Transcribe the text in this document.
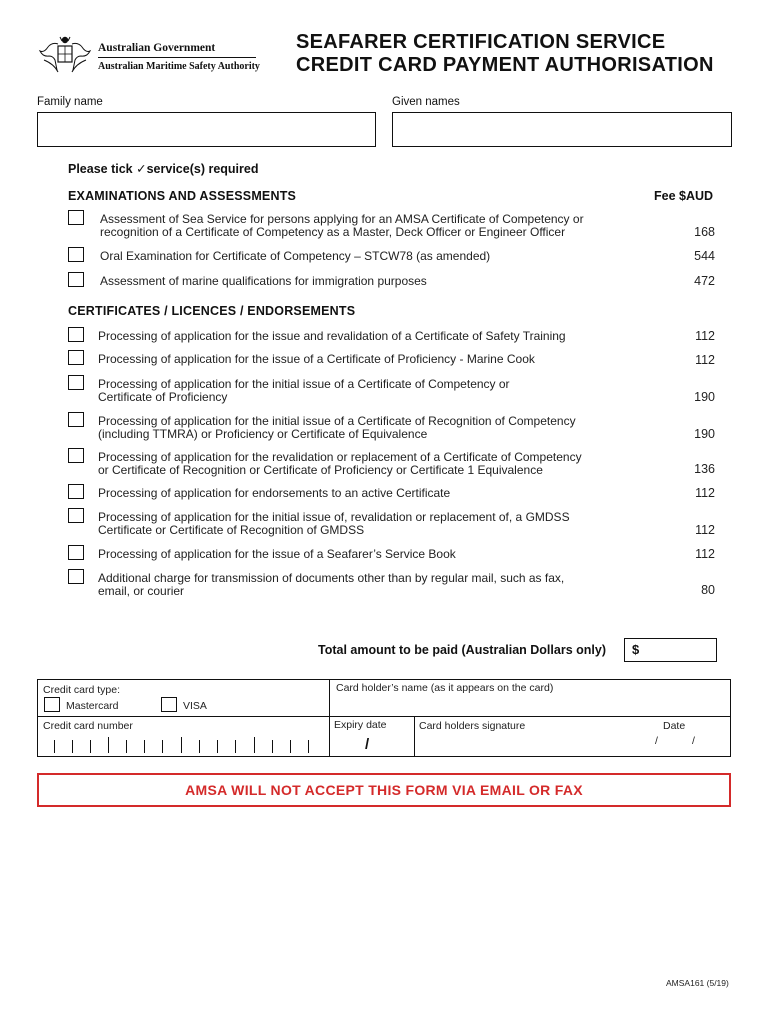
Australian Government
Australian Maritime Safety Authority
SEAFARER CERTIFICATION SERVICE
CREDIT CARD PAYMENT AUTHORISATION
Family name	Given names
Please tick ✓service(s) required
EXAMINATIONS AND ASSESSMENTS	Fee $AUD
Assessment of Sea Service for persons applying for an AMSA Certificate of Competency or
recognition of a Certificate of Competency as a Master, Deck Officer or Engineer Officer	168
Oral Examination for Certificate of Competency – STCW78 (as amended)	544
Assessment of marine qualifications for immigration purposes	472
CERTIFICATES / LICENCES / ENDORSEMENTS
Processing of application for the issue and revalidation of a Certificate of Safety Training	112
Processing of application for the issue of a Certificate of Proficiency - Marine Cook	112
Processing of application for the initial issue of a Certificate of Competency or
Certificate of Proficiency	190
Processing of application for the initial issue of a Certificate of Recognition of Competency
(including TTMRA) or Proficiency or Certificate of Equivalence	190
Processing of application for the revalidation or replacement of a Certificate of Competency
or Certificate of Recognition or Certificate of Proficiency or Certificate 1 Equivalence	136
Processing of application for endorsements to an active Certificate	112
Processing of application for the initial issue of, revalidation or replacement of, a GMDSS
Certificate or Certificate of Recognition of GMDSS	112
Processing of application for the issue of a Seafarer’s Service Book	112
Additional charge for transmission of documents other than by regular mail, such as fax,
email, or courier	80
Total amount to be paid (Australian Dollars only)	$
Credit card type:
Mastercard	VISA
Card holder’s name (as it appears on the card)
Credit card number	Expiry date
/
Card holders signature	Date
/	/
AMSA WILL NOT ACCEPT THIS FORM VIA EMAIL OR FAX
AMSA161 (5/19)
